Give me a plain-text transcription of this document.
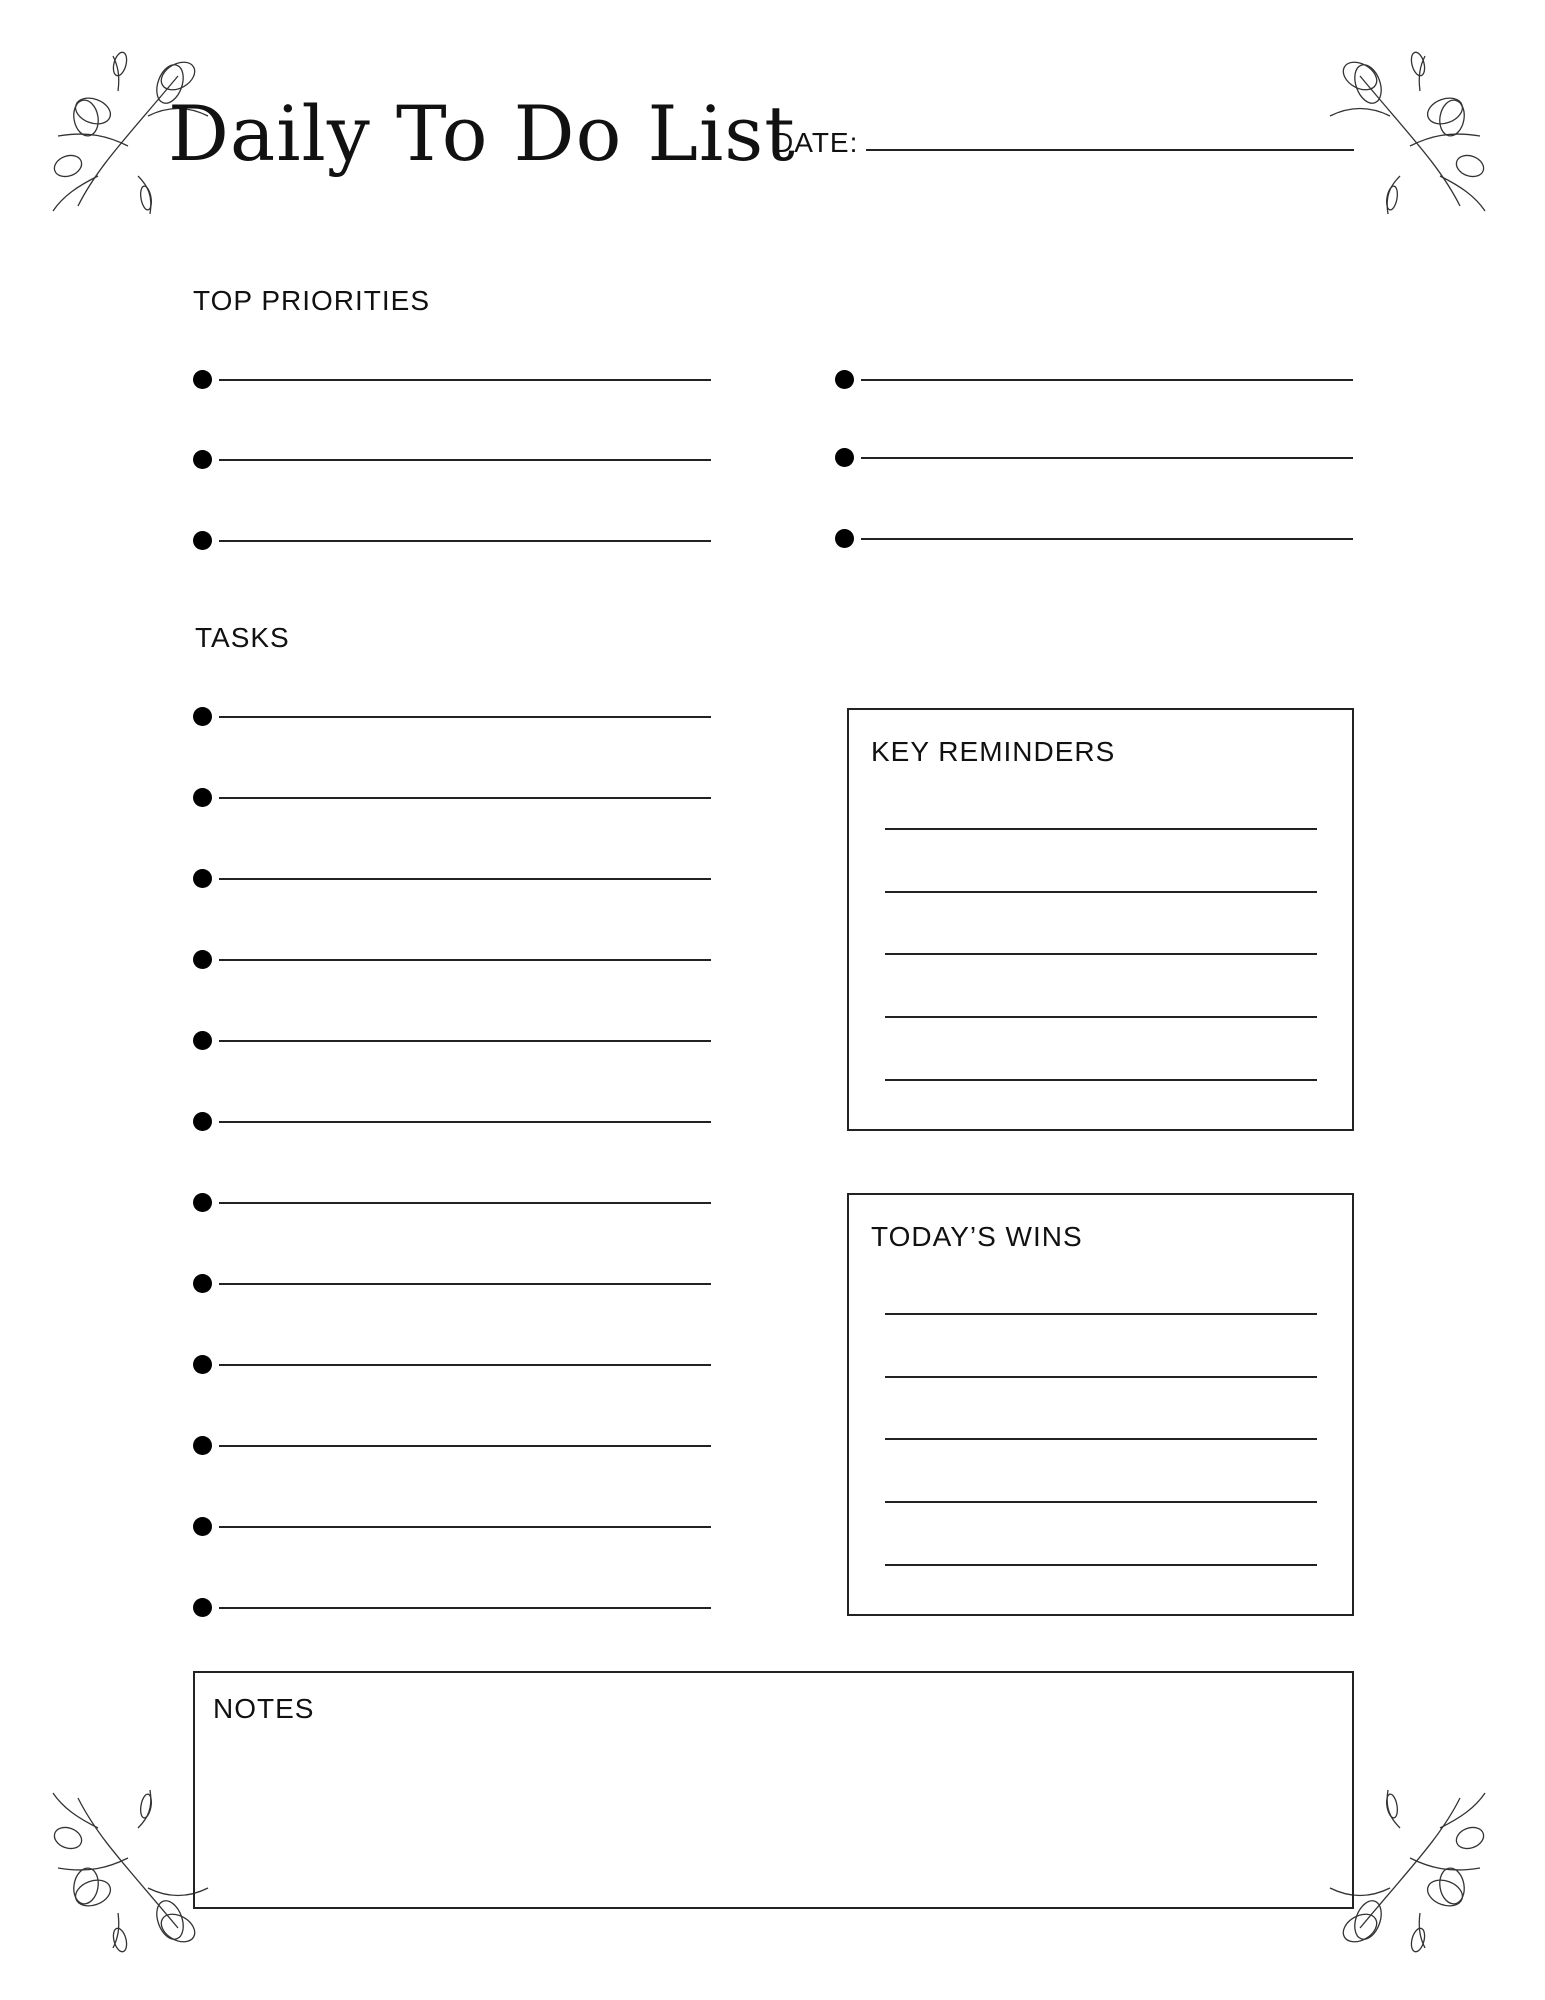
Daily To Do List
DATE:
TOP PRIORITIES
TASKS
KEY REMINDERS
TODAY’S WINS
NOTES
